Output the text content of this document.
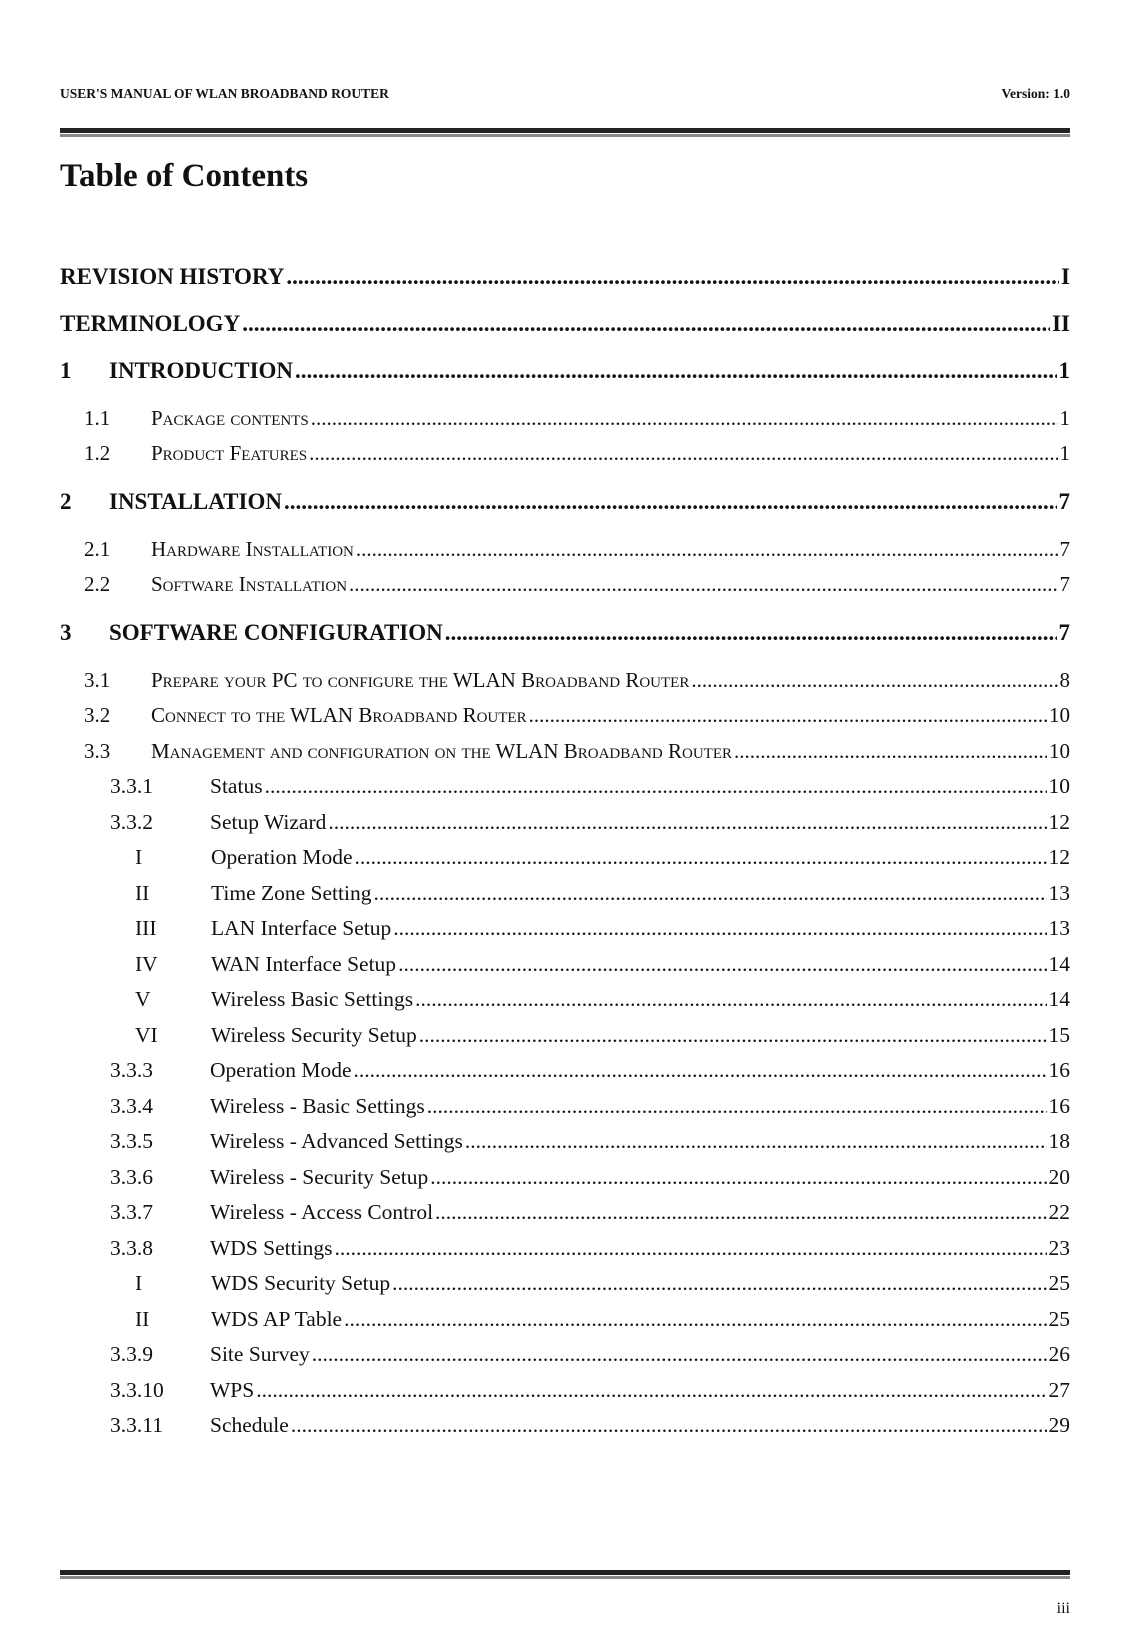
USER'S MANUAL OF WLAN BROADBAND ROUTER	Version: 1.0
Table of Contents
REVISION HISTORY .....	I
TERMINOLOGY .....	II
1	INTRODUCTION .....	1
1.1	Package contents .....	1
1.2	Product Features .....	1
2	INSTALLATION .....	7
2.1	Hardware Installation .....	7
2.2	Software Installation .....	7
3	SOFTWARE CONFIGURATION .....	7
3.1	Prepare your PC to configure the WLAN Broadband Router .....	8
3.2	Connect to the WLAN Broadband Router .....	10
3.3	Management and configuration on the WLAN Broadband Router .....	10
3.3.1	Status .....	10
3.3.2	Setup Wizard .....	12
I	Operation Mode .....	12
II	Time Zone Setting .....	13
III	LAN Interface Setup .....	13
IV	WAN Interface Setup .....	14
V	Wireless Basic Settings .....	14
VI	Wireless Security Setup .....	15
3.3.3	Operation Mode .....	16
3.3.4	Wireless - Basic Settings .....	16
3.3.5	Wireless - Advanced Settings .....	18
3.3.6	Wireless - Security Setup .....	20
3.3.7	Wireless - Access Control .....	22
3.3.8	WDS Settings .....	23
I	WDS Security Setup .....	25
II	WDS AP Table .....	25
3.3.9	Site Survey .....	26
3.3.10	WPS .....	27
3.3.11	Schedule .....	29
iii
